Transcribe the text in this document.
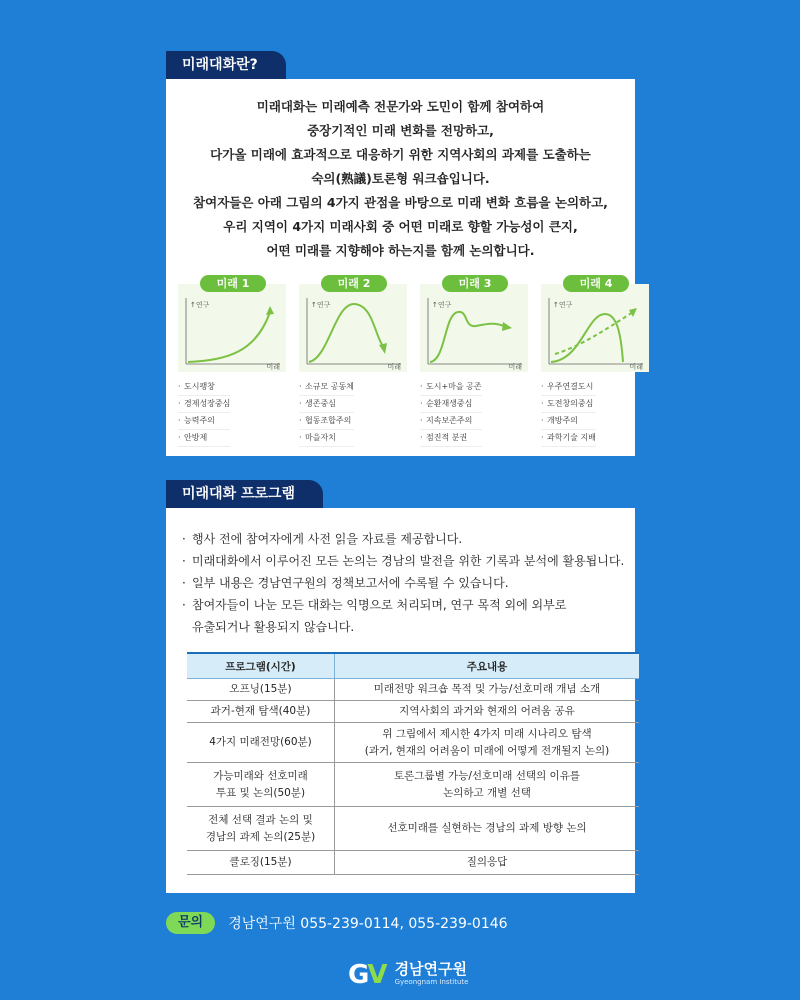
미래대화란?
미래대화는 미래예측 전문가와 도민이 함께 참여하여
중장기적인 미래 변화를 전망하고,
다가올 미래에 효과적으로 대응하기 위한 지역사회의 과제를 도출하는
숙의(熟議)토론형 워크숍입니다.
참여자들은 아래 그림의 4가지 관점을 바탕으로 미래 변화 흐름을 논의하고,
우리 지역이 4가지 미래사회 중 어떤 미래로 향할 가능성이 큰지,
어떤 미래를 지향해야 하는지를 함께 논의합니다.
↑연구
미래
미래 1
· 도시팽창
· 경제성장중심
· 능력주의
· 안방제
↑연구
미래
미래 2
· 소규모 공동체
· 생존중심
· 협동조합주의
· 마을자치
↑연구
미래
미래 3
· 도시+마을 공존
· 순환재생중심
· 지속보존주의
· 점진적 분권
↑연구
미래
미래 4
· 우주연결도시
· 도전창의중심
· 개방주의
· 과학기술 지배
미래대화 프로그램
· 행사 전에 참여자에게 사전 읽을 자료를 제공합니다.
· 미래대화에서 이루어진 모든 논의는 경남의 발전을 위한 기록과 분석에 활용됩니다.
· 일부 내용은 경남연구원의 정책보고서에 수록될 수 있습니다.
· 참여자들이 나눈 모든 대화는 익명으로 처리되며, 연구 목적 외에 외부로
유출되거나 활용되지 않습니다.
프로그램(시간)	주요내용
오프닝(15분)	미래전망 워크숍 목적 및 가능/선호미래 개념 소개
과거-현재 탐색(40분)	지역사회의 과거와 현재의 어려움 공유
4가지 미래전망(60분)	위 그림에서 제시한 4가지 미래 시나리오 탐색
(과거, 현재의 어려움이 미래에 어떻게 전개될지 논의)
가능미래와 선호미래
투표 및 논의(50분)	토론그룹별 가능/선호미래 선택의 이유를
논의하고 개별 선택
전체 선택 결과 논의 및
경남의 과제 논의(25분)	선호미래를 실현하는 경남의 과제 방향 논의
클로징(15분)	질의응답
문의 경남연구원 055-239-0114, 055-239-0146
GV 경남연구원
Gyeongnam Institute
